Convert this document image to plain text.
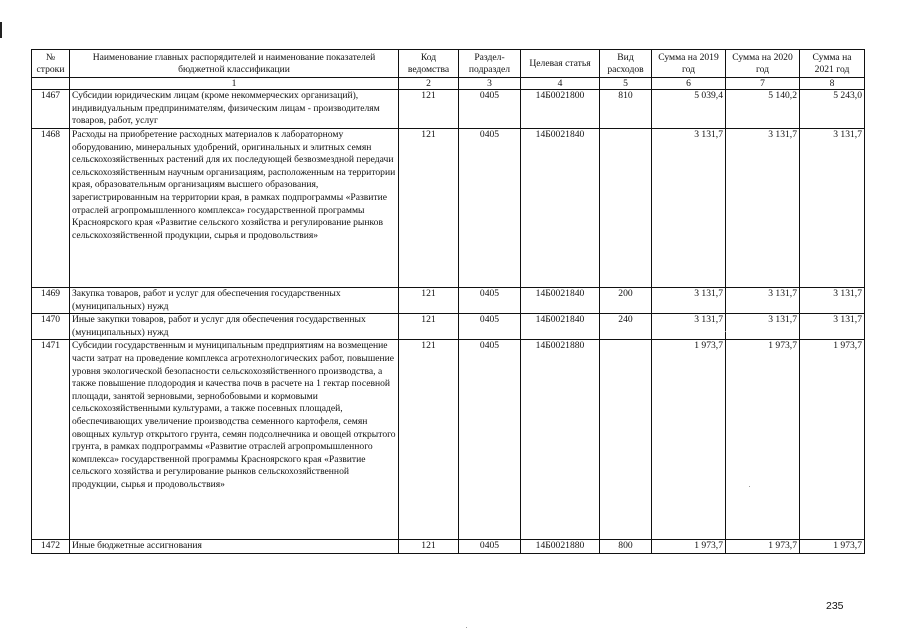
№ строки	Наименование главных распорядителей и наименование показателей бюджетной классификации	Код ведомства	Раздел-подраздел	Целевая статья	Вид расходов	Сумма на 2019 год	Сумма на 2020 год	Сумма на 2021 год
	1	2	3	4	5	6	7	8
1467	Субсидии юридическим лицам (кроме некоммерческих организаций), индивидуальным предпринимателям, физическим лицам - производителям товаров, работ, услуг	121	0405	14Б0021800	810	5 039,4	5 140,2	5 243,0
1468	Расходы на приобретение расходных материалов к лабораторному оборудованию, минеральных удобрений, оригинальных и элитных семян сельскохозяйственных растений для их последующей безвозмездной передачи сельскохозяйственным научным организациям, расположенным на территории края, образовательным организациям высшего образования, зарегистрированным на территории края, в рамках подпрограммы «Развитие отраслей агропромышленного комплекса» государственной программы Красноярского края «Развитие сельского хозяйства и регулирование рынков сельскохозяйственной продукции, сырья и продовольствия»	121	0405	14Б0021840		3 131,7	3 131,7	3 131,7
1469	Закупка товаров, работ и услуг для обеспечения государственных (муниципальных) нужд	121	0405	14Б0021840	200	3 131,7	3 131,7	3 131,7
1470	Иные закупки товаров, работ и услуг для обеспечения государственных (муниципальных) нужд	121	0405	14Б0021840	240	3 131,7	3 131,7	3 131,7
1471	Субсидии государственным и муниципальным предприятиям на возмещение части затрат на проведение комплекса агротехнологических работ, повышение уровня экологической безопасности сельскохозяйственного производства, а также повышение плодородия и качества почв в расчете на 1 гектар посевной площади, занятой зерновыми, зернобобовыми и кормовыми сельскохозяйственными культурами, а также посевных площадей, обеспечивающих увеличение производства семенного картофеля, семян овощных культур открытого грунта, семян подсолнечника и овощей открытого грунта, в рамках подпрограммы «Развитие отраслей агропромышленного комплекса» государственной программы Красноярского края «Развитие сельского хозяйства и регулирование рынков сельскохозяйственной продукции, сырья и продовольствия»	121	0405	14Б0021880		1 973,7	1 973,7	1 973,7
1472	Иные бюджетные ассигнования	121	0405	14Б0021880	800	1 973,7	1 973,7	1 973,7
235
